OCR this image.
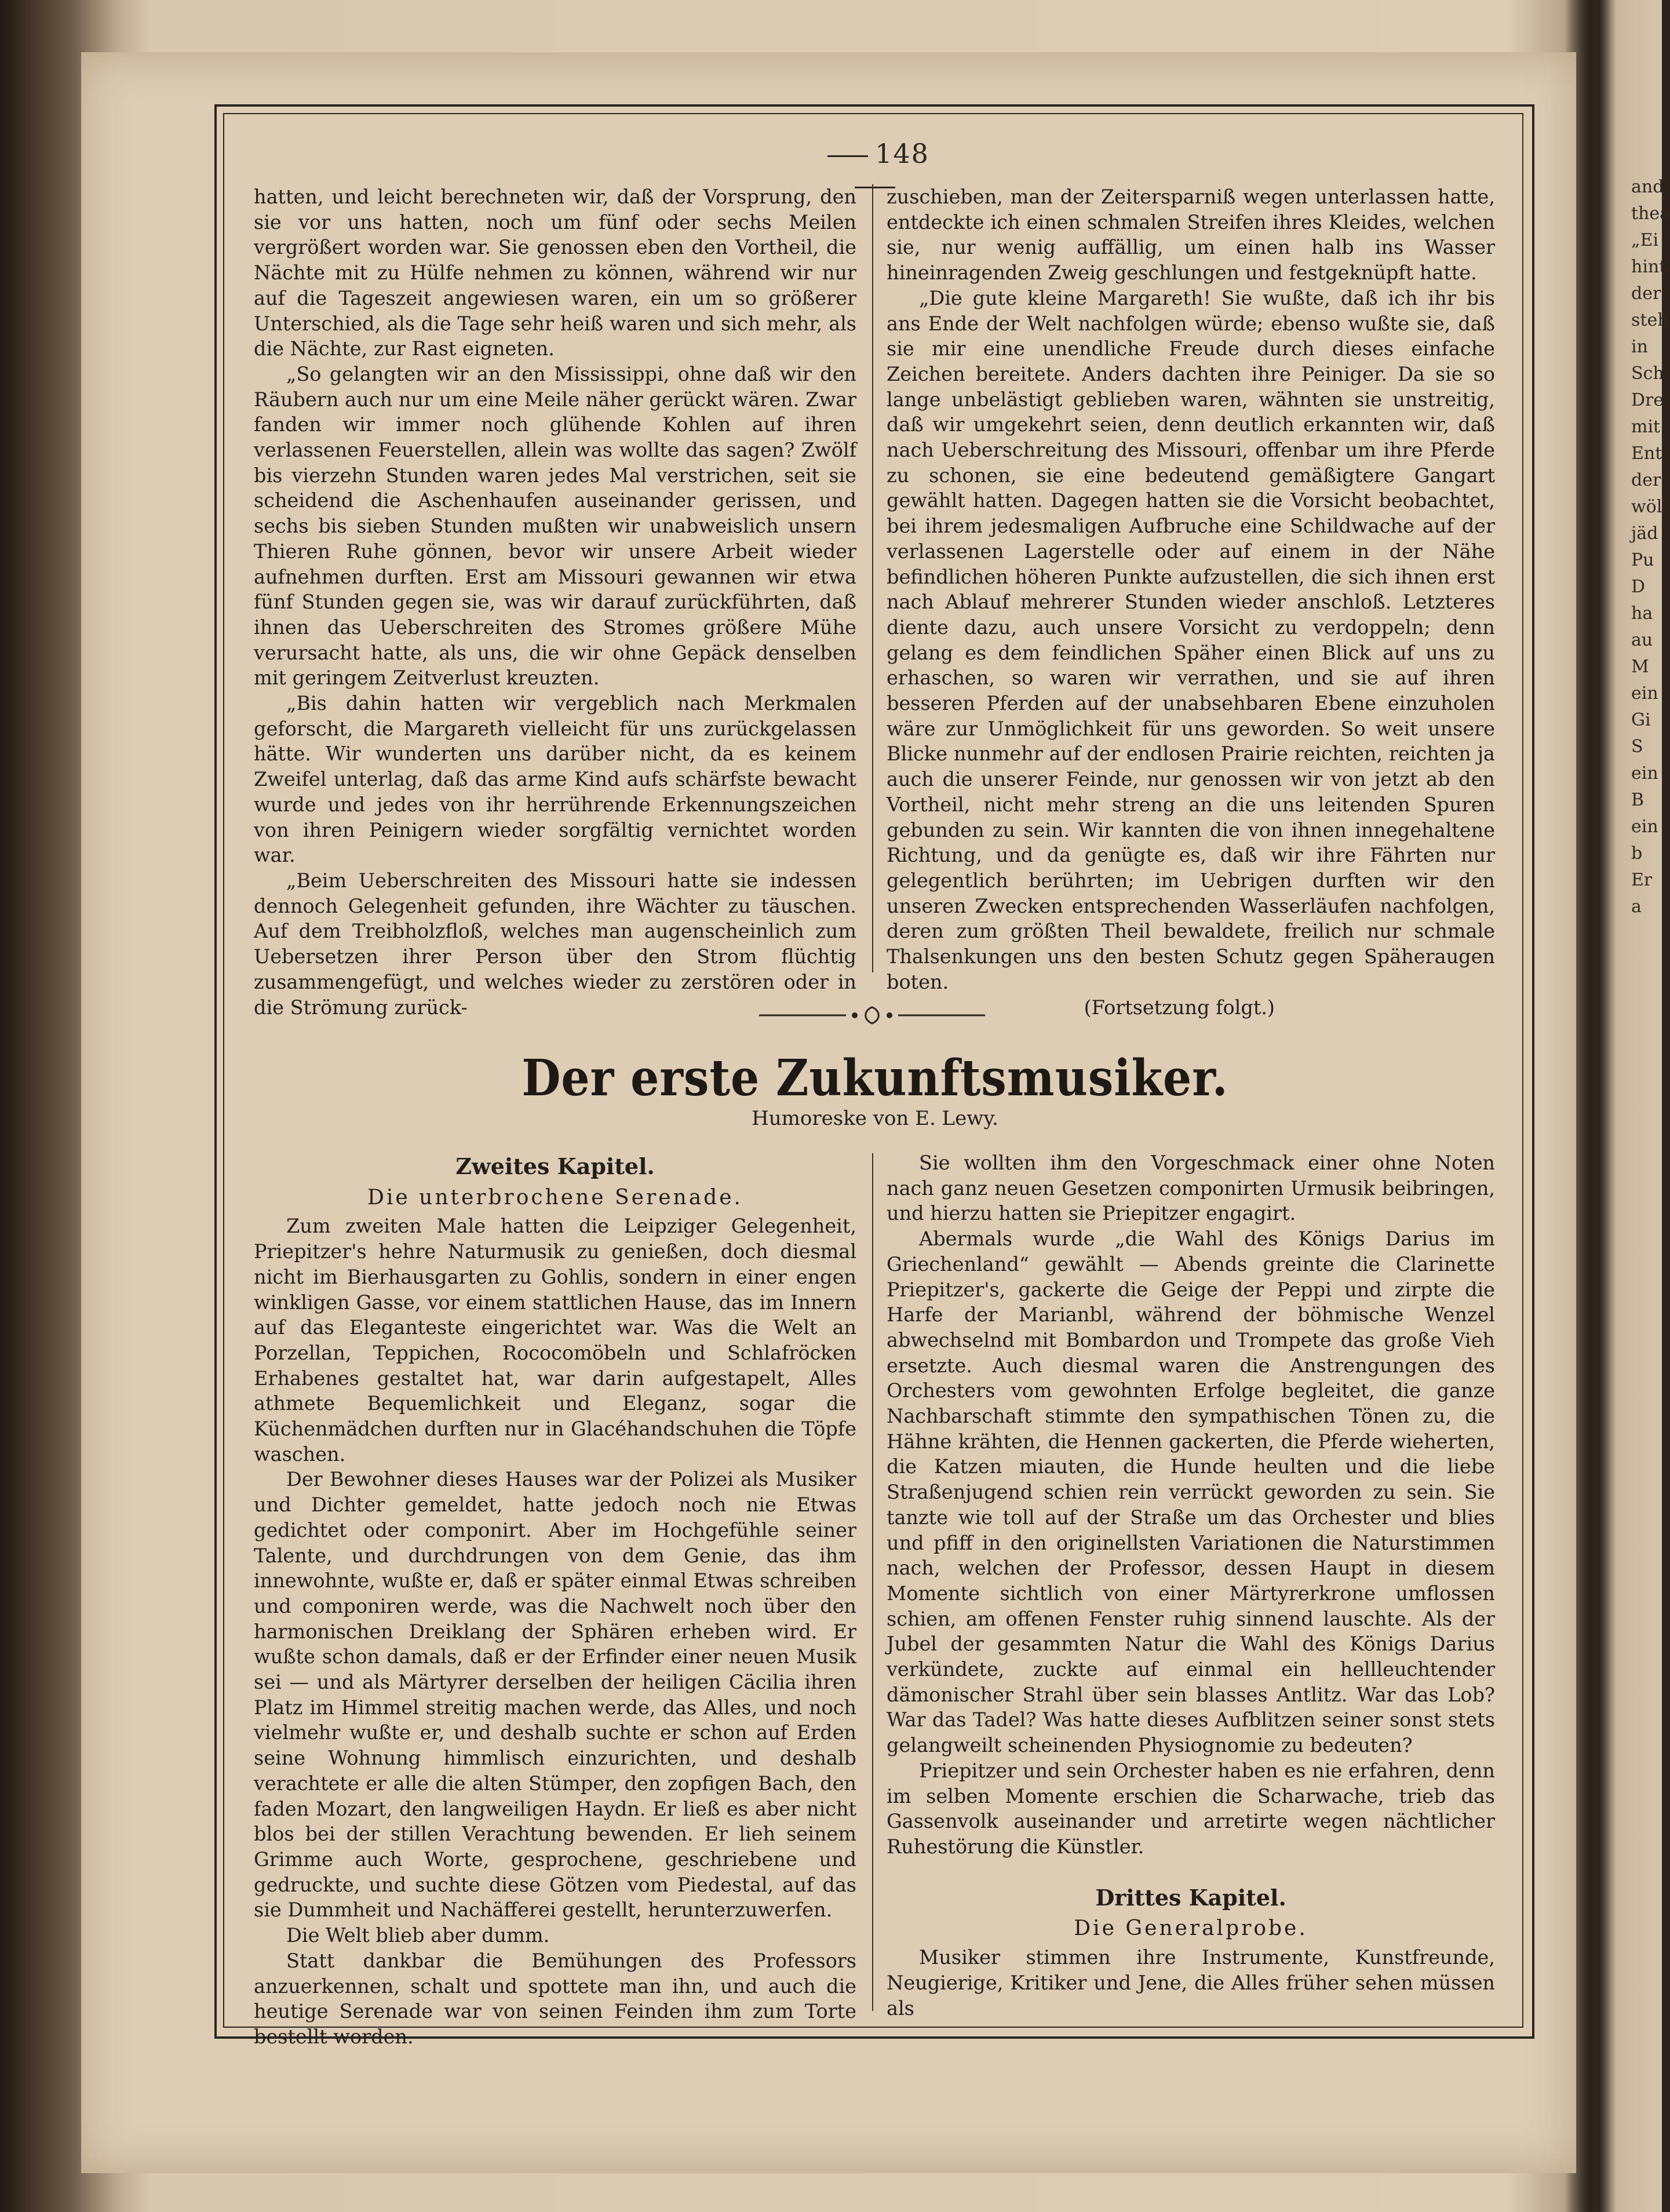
148

hatten, und leicht berechneten wir, daß der Vorsprung, den sie vor uns hatten, noch um fünf oder sechs Meilen vergrößert worden war. Sie genossen eben den Vortheil, die Nächte mit zu Hülfe nehmen zu können, während wir nur auf die Tageszeit angewiesen waren, ein um so größerer Unterschied, als die Tage sehr heiß waren und sich mehr, als die Nächte, zur Rast eigneten.

„So gelangten wir an den Mississippi, ohne daß wir den Räubern auch nur um eine Meile näher gerückt wären. Zwar fanden wir immer noch glühende Kohlen auf ihren verlassenen Feuerstellen, allein was wollte das sagen? Zwölf bis vierzehn Stunden waren jedes Mal verstrichen, seit sie scheidend die Aschenhaufen auseinander gerissen, und sechs bis sieben Stunden mußten wir unabweislich unsern Thieren Ruhe gönnen, bevor wir unsere Arbeit wieder aufnehmen durften. Erst am Missouri gewannen wir etwa fünf Stunden gegen sie, was wir darauf zurückführten, daß ihnen das Ueberschreiten des Stromes größere Mühe verursacht hatte, als uns, die wir ohne Gepäck denselben mit geringem Zeitverlust kreuzten.

„Bis dahin hatten wir vergeblich nach Merkmalen geforscht, die Margareth vielleicht für uns zurückgelassen hätte. Wir wunderten uns darüber nicht, da es keinem Zweifel unterlag, daß das arme Kind aufs schärfste bewacht wurde und jedes von ihr herrührende Erkennungszeichen von ihren Peinigern wieder sorgfältig vernichtet worden war.

„Beim Ueberschreiten des Missouri hatte sie indessen dennoch Gelegenheit gefunden, ihre Wächter zu täuschen. Auf dem Treibholzfloß, welches man augenscheinlich zum Uebersetzen ihrer Person über den Strom flüchtig zusammengefügt, und welches wieder zu zerstören oder in die Strömung zurück-

zuschieben, man der Zeitersparniß wegen unterlassen hatte, entdeckte ich einen schmalen Streifen ihres Kleides, welchen sie, nur wenig auffällig, um einen halb ins Wasser hineinragenden Zweig geschlungen und festgeknüpft hatte.

„Die gute kleine Margareth! Sie wußte, daß ich ihr bis ans Ende der Welt nachfolgen würde; ebenso wußte sie, daß sie mir eine unendliche Freude durch dieses einfache Zeichen bereitete. Anders dachten ihre Peiniger. Da sie so lange unbelästigt geblieben waren, wähnten sie unstreitig, daß wir umgekehrt seien, denn deutlich erkannten wir, daß nach Ueberschreitung des Missouri, offenbar um ihre Pferde zu schonen, sie eine bedeutend gemäßigtere Gangart gewählt hatten. Dagegen hatten sie die Vorsicht beobachtet, bei ihrem jedesmaligen Aufbruche eine Schildwache auf der verlassenen Lagerstelle oder auf einem in der Nähe befindlichen höheren Punkte aufzustellen, die sich ihnen erst nach Ablauf mehrerer Stunden wieder anschloß. Letzteres diente dazu, auch unsere Vorsicht zu verdoppeln; denn gelang es dem feindlichen Späher einen Blick auf uns zu erhaschen, so waren wir verrathen, und sie auf ihren besseren Pferden auf der unabsehbaren Ebene einzuholen wäre zur Unmöglichkeit für uns geworden. So weit unsere Blicke nunmehr auf der endlosen Prairie reichten, reichten ja auch die unserer Feinde, nur genossen wir von jetzt ab den Vortheil, nicht mehr streng an die uns leitenden Spuren gebunden zu sein. Wir kannten die von ihnen innegehaltene Richtung, und da genügte es, daß wir ihre Fährten nur gelegentlich berührten; im Uebrigen durften wir den unseren Zwecken entsprechenden Wasserläufen nachfolgen, deren zum größten Theil bewaldete, freilich nur schmale Thalsenkungen uns den besten Schutz gegen Späheraugen boten.

(Fortsetzung folgt.)

Der erste Zukunftsmusiker.
Humoreske von E. Lewy.
Zweites Kapitel.
Die unterbrochene Serenade.

Zum zweiten Male hatten die Leipziger Gelegenheit, Priepitzer's hehre Naturmusik zu genießen, doch diesmal nicht im Bierhausgarten zu Gohlis, sondern in einer engen winkligen Gasse, vor einem stattlichen Hause, das im Innern auf das Eleganteste eingerichtet war. Was die Welt an Porzellan, Teppichen, Rococomöbeln und Schlafröcken Erhabenes gestaltet hat, war darin aufgestapelt, Alles athmete Bequemlichkeit und Eleganz, sogar die Küchenmädchen durften nur in Glacéhandschuhen die Töpfe waschen.

Der Bewohner dieses Hauses war der Polizei als Musiker und Dichter gemeldet, hatte jedoch noch nie Etwas gedichtet oder componirt. Aber im Hochgefühle seiner Talente, und durchdrungen von dem Genie, das ihm innewohnte, wußte er, daß er später einmal Etwas schreiben und componiren werde, was die Nachwelt noch über den harmonischen Dreiklang der Sphären erheben wird. Er wußte schon damals, daß er der Erfinder einer neuen Musik sei — und als Märtyrer derselben der heiligen Cäcilia ihren Platz im Himmel streitig machen werde, das Alles, und noch vielmehr wußte er, und deshalb suchte er schon auf Erden seine Wohnung himmlisch einzurichten, und deshalb verachtete er alle die alten Stümper, den zopfigen Bach, den faden Mozart, den langweiligen Haydn. Er ließ es aber nicht blos bei der stillen Verachtung bewenden. Er lieh seinem Grimme auch Worte, gesprochene, geschriebene und gedruckte, und suchte diese Götzen vom Piedestal, auf das sie Dummheit und Nachäfferei gestellt, herunterzuwerfen.

Die Welt blieb aber dumm.

Statt dankbar die Bemühungen des Professors anzuerkennen, schalt und spottete man ihn, und auch die heutige Serenade war von seinen Feinden ihm zum Torte bestellt worden.

Sie wollten ihm den Vorgeschmack einer ohne Noten nach ganz neuen Gesetzen componirten Urmusik beibringen, und hierzu hatten sie Priepitzer engagirt.

Abermals wurde „die Wahl des Königs Darius im Griechenland“ gewählt — Abends greinte die Clarinette Priepitzer's, gackerte die Geige der Peppi und zirpte die Harfe der Marianbl, während der böhmische Wenzel abwechselnd mit Bombardon und Trompete das große Vieh ersetzte. Auch diesmal waren die Anstrengungen des Orchesters vom gewohnten Erfolge begleitet, die ganze Nachbarschaft stimmte den sympathischen Tönen zu, die Hähne krähten, die Hennen gackerten, die Pferde wieherten, die Katzen miauten, die Hunde heulten und die liebe Straßenjugend schien rein verrückt geworden zu sein. Sie tanzte wie toll auf der Straße um das Orchester und blies und pfiff in den originellsten Variationen die Naturstimmen nach, welchen der Professor, dessen Haupt in diesem Momente sichtlich von einer Märtyrerkrone umflossen schien, am offenen Fenster ruhig sinnend lauschte. Als der Jubel der gesammten Natur die Wahl des Königs Darius verkündete, zuckte auf einmal ein hellleuchtender dämonischer Strahl über sein blasses Antlitz. War das Lob? War das Tadel? Was hatte dieses Aufblitzen seiner sonst stets gelangweilt scheinenden Physiognomie zu bedeuten?

Priepitzer und sein Orchester haben es nie erfahren, denn im selben Momente erschien die Scharwache, trieb das Gassenvolk auseinander und arretirte wegen nächtlicher Ruhestörung die Künstler.

Drittes Kapitel.
Die Generalprobe.

Musiker stimmen ihre Instrumente, Kunstfreunde, Neugierige, Kritiker und Jene, die Alles früher sehen müssen als

and
thea
„Ei
hint
der
steh
in
Sch
Dre
mit
Ent
der
wöl
jäd
Pu
D
ha
au
M
ein
Gi
S
ein
B
ein
b
Er
a
